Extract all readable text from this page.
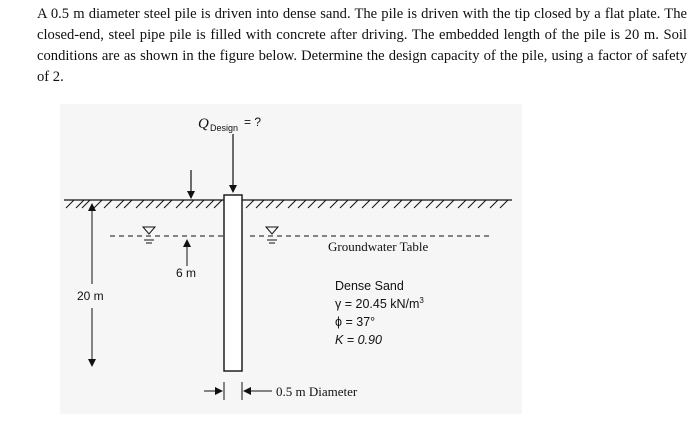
A 0.5 m diameter steel pile is driven into dense sand. The pile is driven with the tip closed by a flat plate. The closed-end, steel pipe pile is filled with concrete after driving. The embedded length of the pile is 20 m. Soil conditions are as shown in the figure below. Determine the design capacity of the pile, using a factor of safety of 2.

Q Design = ?
6 m
20 m
Groundwater Table
Dense Sand
γ = 20.45 $kN/m^3$
ϕ = 37°
K = 0.90
0.5 m Diameter
